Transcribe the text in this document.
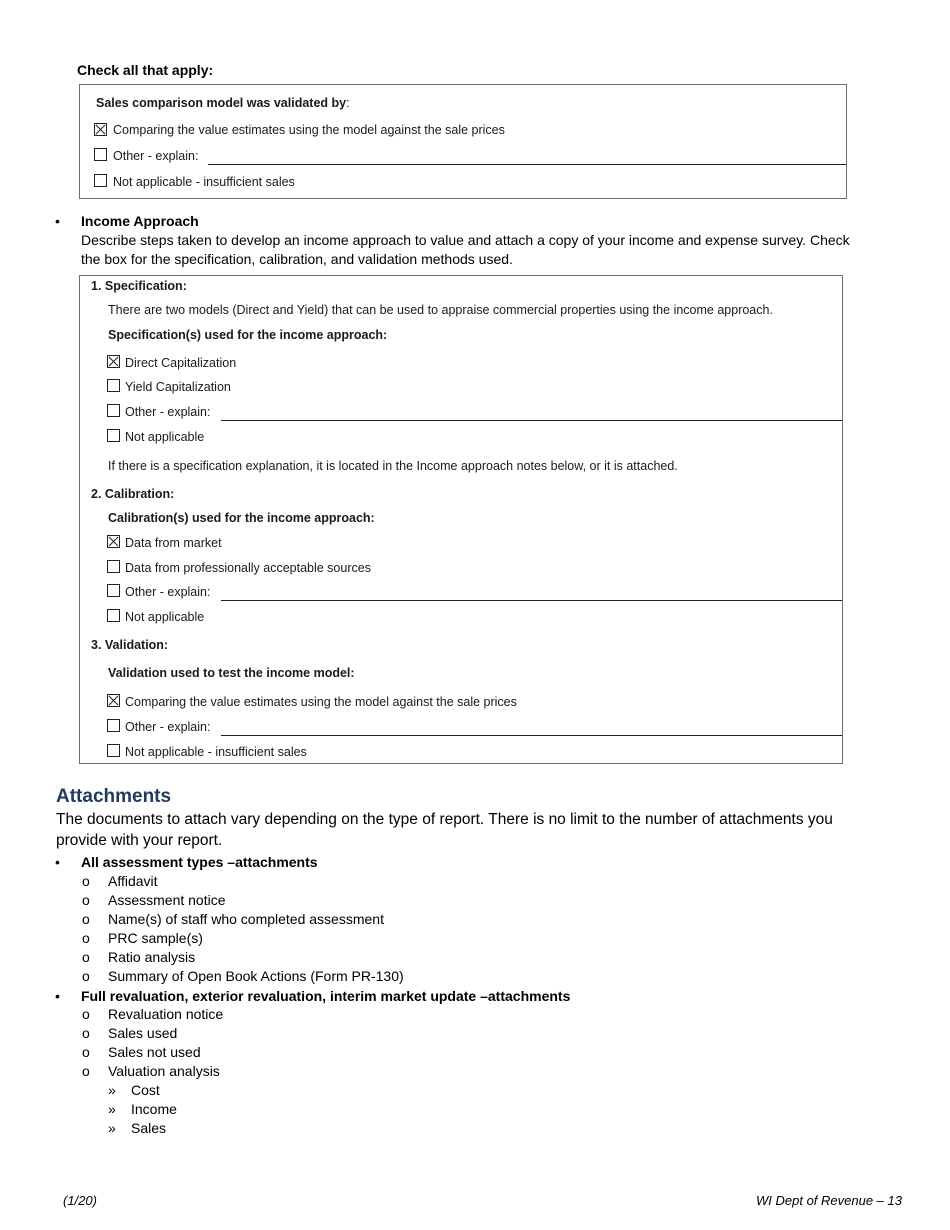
Check all that apply:
Sales comparison model was validated by:
Comparing the value estimates using the model against the sale prices
Other - explain:
Not applicable - insufficient sales
• Income Approach
Describe steps taken to develop an income approach to value and attach a copy of your income and expense survey. Check
the box for the specification, calibration, and validation methods used.
1. Specification:
There are two models (Direct and Yield) that can be used to appraise commercial properties using the income approach.
Specification(s) used for the income approach:
Direct Capitalization
Yield Capitalization
Other - explain:
Not applicable
If there is a specification explanation, it is located in the Income approach notes below, or it is attached.
2. Calibration:
Calibration(s) used for the income approach:
Data from market
Data from professionally acceptable sources
Other - explain:
Not applicable
3. Validation:
Validation used to test the income model:
Comparing the value estimates using the model against the sale prices
Other - explain:
Not applicable - insufficient sales
Attachments
The documents to attach vary depending on the type of report. There is no limit to the number of attachments you
provide with your report.
• All assessment types –attachments
o Affidavit
o Assessment notice
o Name(s) of staff who completed assessment
o PRC sample(s)
o Ratio analysis
o Summary of Open Book Actions (Form PR-130)
• Full revaluation, exterior revaluation, interim market update –attachments
o Revaluation notice
o Sales used
o Sales not used
o Valuation analysis
» Cost
» Income
» Sales
(1/20)	WI Dept of Revenue – 13
